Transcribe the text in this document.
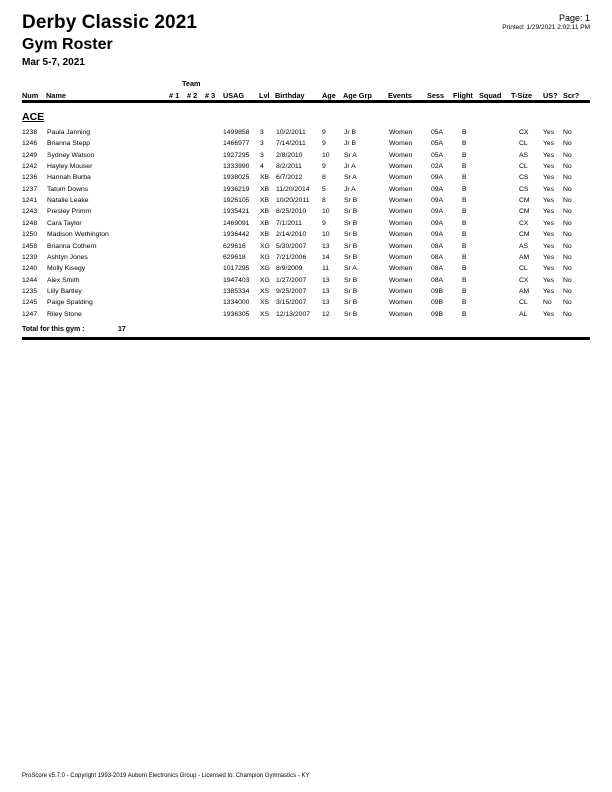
Derby Classic 2021
Gym Roster
Mar 5-7, 2021
Page: 1
Printed: 1/29/2021 2:02:11 PM
Team
Num Name	# 1 # 2 # 3 USAG Lvl Birthday Age Age Grp Events Sess Flight Squad T-Size US? Scr?
ACE
1238 Paula Janning	1499858 3 10/2/2011 9	Jr B	Women	05A	B	CX Yes No
1246 Brianna Stepp	1466977 3 7/14/2011 9	Jr B	Women	05A	B	CL Yes No
1249 Sydney Watson	1927295 3 2/8/2010	10 Sr A	Women	05A	B	AS Yes No
1242 Hayley Mouser	1333990 4 8/2/2011	9	Jr A	Women	02A	B	CL Yes No
1236 Hannah Burba	1938025 XB 6/7/2012	8	Sr A	Women	09A	B	CS Yes No
1237 Tatum Downs	1936219 XB 11/20/2014 5	Jr A	Women	09A	B	CS Yes No
1241 Natalie Leake	1926105 XB 10/20/2011 8	Sr B	Women	09A	B	CM Yes No
1243 Presley Primm	1935421 XB 8/25/2010 10 Sr B	Women	09A	B	CM Yes No
1248 Cara Taylor	1469091 XB 7/1/2011	9	Sr B	Women	09A	B	CX Yes No
1250 Madison Wethington	1936442 XB 2/14/2010 10 Sr B	Women	09A	B	CM Yes No
1458 Brianna Cothern	629616 XG 5/30/2007 13 Sr B	Women	08A	B	AS Yes No
1239 Ashtyn Jones	629618 XG 7/21/2006 14 Sr B	Women	08A	B	AM Yes No
1240 Molly Kisegy	1017295 XG 8/9/2009	11 Sr A	Women	08A	B	CL Yes No
1244 Alex Smith	1947403 XG 1/27/2007 13 Sr B	Women	08A	B	CX Yes No
1235 Lilly Bartley	1385334 XS 9/25/2007 13 Sr B	Women	09B	B	AM Yes No
1245 Paige Spalding	1334000 XS 3/15/2007 13 Sr B	Women	09B	B	CL No No
1247 Riley Stone	1936305 XS 12/13/2007 12 Sr B	Women	09B	B	AL Yes No
Total for this gym :	17
ProScore v5.7.0 - Copyright 1993-2019 Auburn Electronics Group - Licensed to: Champion Gymnastics - KY
